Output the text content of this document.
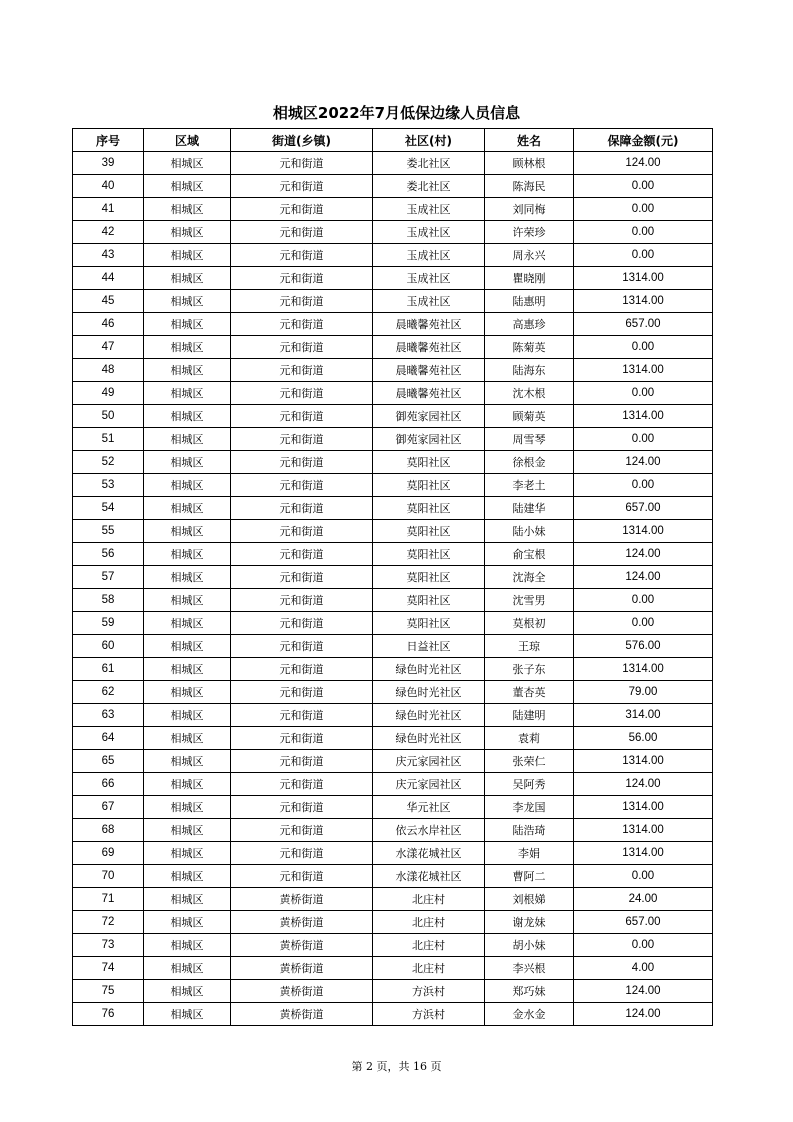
相城区2022年7月低保边缘人员信息
序号	区域	街道(乡镇)	社区(村)	姓名	保障金额(元)
39	相城区	元和街道	娄北社区	顾林根	124.00
40	相城区	元和街道	娄北社区	陈海民	0.00
41	相城区	元和街道	玉成社区	刘同梅	0.00
42	相城区	元和街道	玉成社区	许荣珍	0.00
43	相城区	元和街道	玉成社区	周永兴	0.00
44	相城区	元和街道	玉成社区	瞿晓刚	1314.00
45	相城区	元和街道	玉成社区	陆惠明	1314.00
46	相城区	元和街道	晨曦馨苑社区	高惠珍	657.00
47	相城区	元和街道	晨曦馨苑社区	陈菊英	0.00
48	相城区	元和街道	晨曦馨苑社区	陆海东	1314.00
49	相城区	元和街道	晨曦馨苑社区	沈木根	0.00
50	相城区	元和街道	御苑家园社区	顾菊英	1314.00
51	相城区	元和街道	御苑家园社区	周雪琴	0.00
52	相城区	元和街道	莫阳社区	徐根金	124.00
53	相城区	元和街道	莫阳社区	李老土	0.00
54	相城区	元和街道	莫阳社区	陆建华	657.00
55	相城区	元和街道	莫阳社区	陆小妹	1314.00
56	相城区	元和街道	莫阳社区	俞宝根	124.00
57	相城区	元和街道	莫阳社区	沈海全	124.00
58	相城区	元和街道	莫阳社区	沈雪男	0.00
59	相城区	元和街道	莫阳社区	莫根初	0.00
60	相城区	元和街道	日益社区	王琼	576.00
61	相城区	元和街道	绿色时光社区	张子东	1314.00
62	相城区	元和街道	绿色时光社区	董杏英	79.00
63	相城区	元和街道	绿色时光社区	陆建明	314.00
64	相城区	元和街道	绿色时光社区	袁莉	56.00
65	相城区	元和街道	庆元家园社区	张荣仁	1314.00
66	相城区	元和街道	庆元家园社区	吴阿秀	124.00
67	相城区	元和街道	华元社区	李龙国	1314.00
68	相城区	元和街道	依云水岸社区	陆浩琦	1314.00
69	相城区	元和街道	水漾花城社区	李娟	1314.00
70	相城区	元和街道	水漾花城社区	曹阿二	0.00
71	相城区	黄桥街道	北庄村	刘根娣	24.00
72	相城区	黄桥街道	北庄村	谢龙妹	657.00
73	相城区	黄桥街道	北庄村	胡小妹	0.00
74	相城区	黄桥街道	北庄村	李兴根	4.00
75	相城区	黄桥街道	方浜村	郑巧妹	124.00
76	相城区	黄桥街道	方浜村	金水金	124.00
第 2 页，共 16 页
